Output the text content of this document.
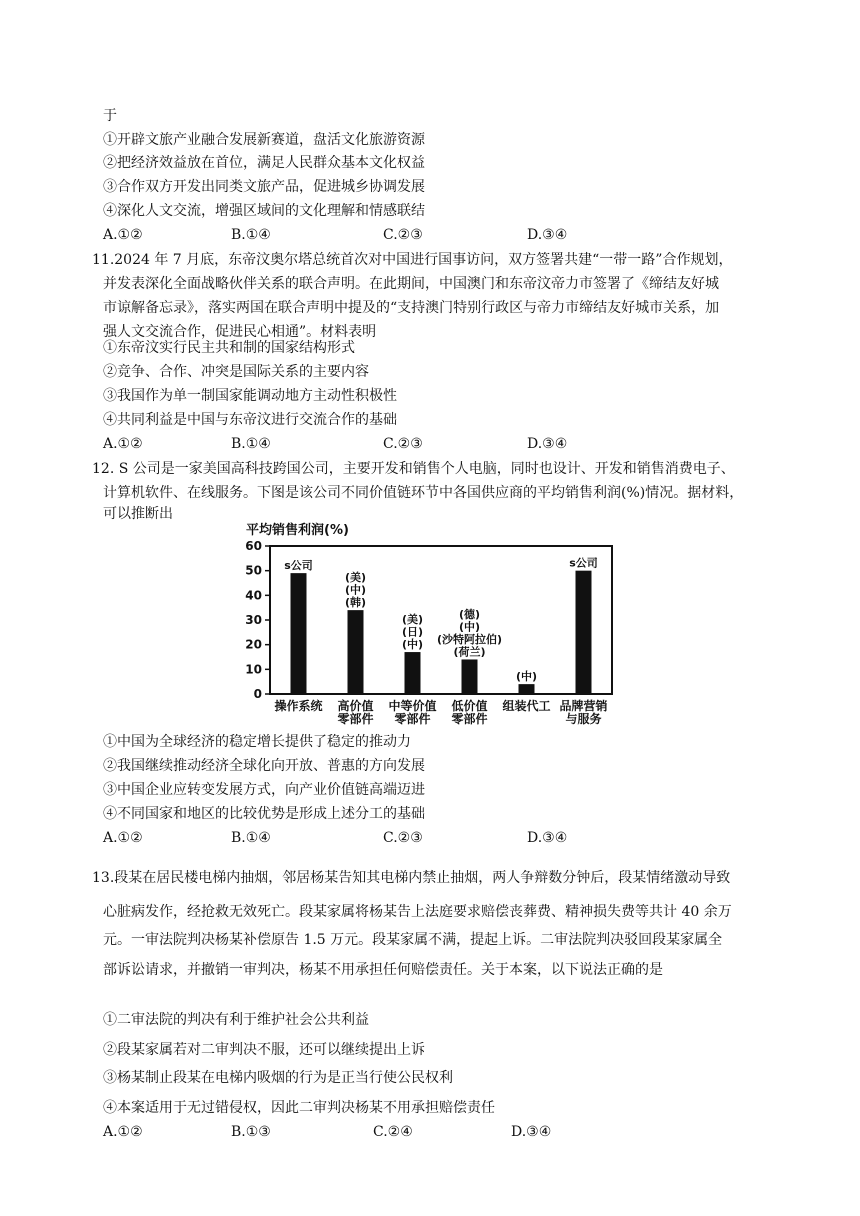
于
①开辟文旅产业融合发展新赛道，盘活文化旅游资源
②把经济效益放在首位，满足人民群众基本文化权益
③合作双方开发出同类文旅产品，促进城乡协调发展
④深化人文交流，增强区域间的文化理解和情感联结
A.①②	B.①④	C.②③	D.③④
11.2024 年 7 月底，东帝汶奥尔塔总统首次对中国进行国事访问，双方签署共建“一带一路”合作规划，
并发表深化全面战略伙伴关系的联合声明。在此期间，中国澳门和东帝汶帝力市签署了《缔结友好城
市谅解备忘录》，落实两国在联合声明中提及的“支持澳门特别行政区与帝力市缔结友好城市关系，加
强人文交流合作，促进民心相通”。材料表明
①东帝汶实行民主共和制的国家结构形式
②竞争、合作、冲突是国际关系的主要内容
③我国作为单一制国家能调动地方主动性积极性
④共同利益是中国与东帝汶进行交流合作的基础
A.①②	B.①④	C.②③	D.③④
12. S 公司是一家美国高科技跨国公司，主要开发和销售个人电脑，同时也设计、开发和销售消费电子、
计算机软件、在线服务。下图是该公司不同价值链环节中各国供应商的平均销售利润(%)情况。据材料，
可以推断出
平均销售利润(%)
0
10
20
30
40
50
60
s公司
操作系统
(美)
(中)
(韩)
高价值
零部件
(美)
(日)
(中)
中等价值
零部件
(德)
(中)
(沙特阿拉伯)
(荷兰)
低价值
零部件
(中)
组装代工
s公司
品牌营销
与服务
①中国为全球经济的稳定增长提供了稳定的推动力
②我国继续推动经济全球化向开放、普惠的方向发展
③中国企业应转变发展方式，向产业价值链高端迈进
④不同国家和地区的比较优势是形成上述分工的基础
A.①②	B.①④	C.②③	D.③④
13.段某在居民楼电梯内抽烟，邻居杨某告知其电梯内禁止抽烟，两人争辩数分钟后，段某情绪激动导致
心脏病发作，经抢救无效死亡。段某家属将杨某告上法庭要求赔偿丧葬费、精神损失费等共计 40 余万
元。一审法院判决杨某补偿原告 1.5 万元。段某家属不满，提起上诉。二审法院判决驳回段某家属全
部诉讼请求，并撤销一审判决，杨某不用承担任何赔偿责任。关于本案，以下说法正确的是
①二审法院的判决有利于维护社会公共利益
②段某家属若对二审判决不服，还可以继续提出上诉
③杨某制止段某在电梯内吸烟的行为是正当行使公民权利
④本案适用于无过错侵权，因此二审判决杨某不用承担赔偿责任
A.①②	B.①③	C.②④	D.③④
